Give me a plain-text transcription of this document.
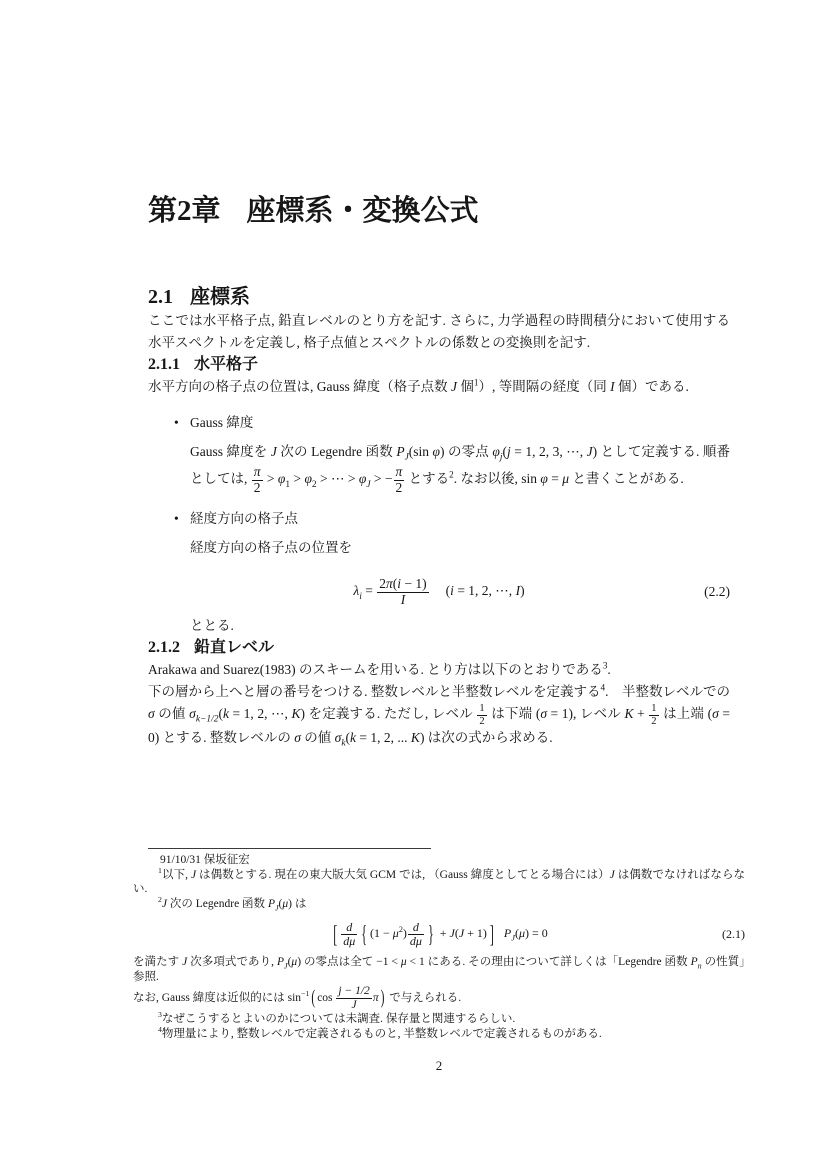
第2章 座標系・変換公式
2.1 座標系

ここでは水平格子点, 鉛直レベルのとり方を記す. さらに, 力学過程の時間積分において使用する水平スペクトルを定義し, 格子点値とスペクトルの係数との変換則を記す.

2.1.1 水平格子

水平方向の格子点の位置は, Gauss 緯度（格子点数 J 個$^1$）, 等間隔の経度（同 I 個）である.

• Gauss 緯度
Gauss 緯度を J 次の Legendre 函数 $P_J(\sin$ φ) の零点 $\varphi_j(j = 1$, 2, 3, ⋯, J) として定義する. 順番としては, $\frac{\pi}{2} > \varphi_1 > \varphi_2$ > ⋯ > $\varphi_J$ > − $\frac{\pi}{2}$ とする$^2$. なお以後, sin φ = μ と書くことがある.
• 経度方向の格子点
経度方向の格子点の位置を
$\lambda_i = \frac{2\pi(i - 1)}{I} (i = 1$, 2, ⋯, I)	(2.2)

ととる.

2.1.2 鉛直レベル

Arakawa and Suarez(1983) のスキームを用いる. とり方は以下のとおりである$^3$.

下の層から上へと層の番号をつける. 整数レベルと半整数レベルを定義する$^4$.　半整数レベルでの σ の値 $\sigma_{k-1/2}(k = 1$, 2, ⋯, K) を定義する. ただし, レベル $\frac{1}{2}$ は下端 (σ = 1), レベル $K + \frac{1}{2}$ は上端 (σ = 0) とする. 整数レベルの σ の値 $\sigma_k(k = 1$, 2, ... K) は次の式から求める.

91/10/31 保坂征宏
$^1$以下, J は偶数とする. 現在の東大版大気 GCM では, （Gauss 緯度としてとる場合には）J は偶数でなければならない.
$^2$J 次の Legendre 函数 $P_J(\mu)$ は
[ $\frac{d}{d\mu}$ { $(1 - \mu^2) \frac{d}{d\mu}$ } + J(J + 1) ] $P_J(\mu) = 0$	(2.1)
を満たす J 次多項式であり, $P_J(\mu)$ の零点は全て −1 < μ < 1 にある. その理由について詳しくは「Legendre 函数 $P_n$ の性質」参照.
なお, Gauss 緯度は近似的には $\sin^{-1}$ ( $\cos \frac{j - 1/2}{J}$ π ) で与えられる.
$^3$なぜこうするとよいのかについては未調査. 保存量と関連するらしい.
$^4$物理量により, 整数レベルで定義されるものと, 半整数レベルで定義されるものがある.
2
